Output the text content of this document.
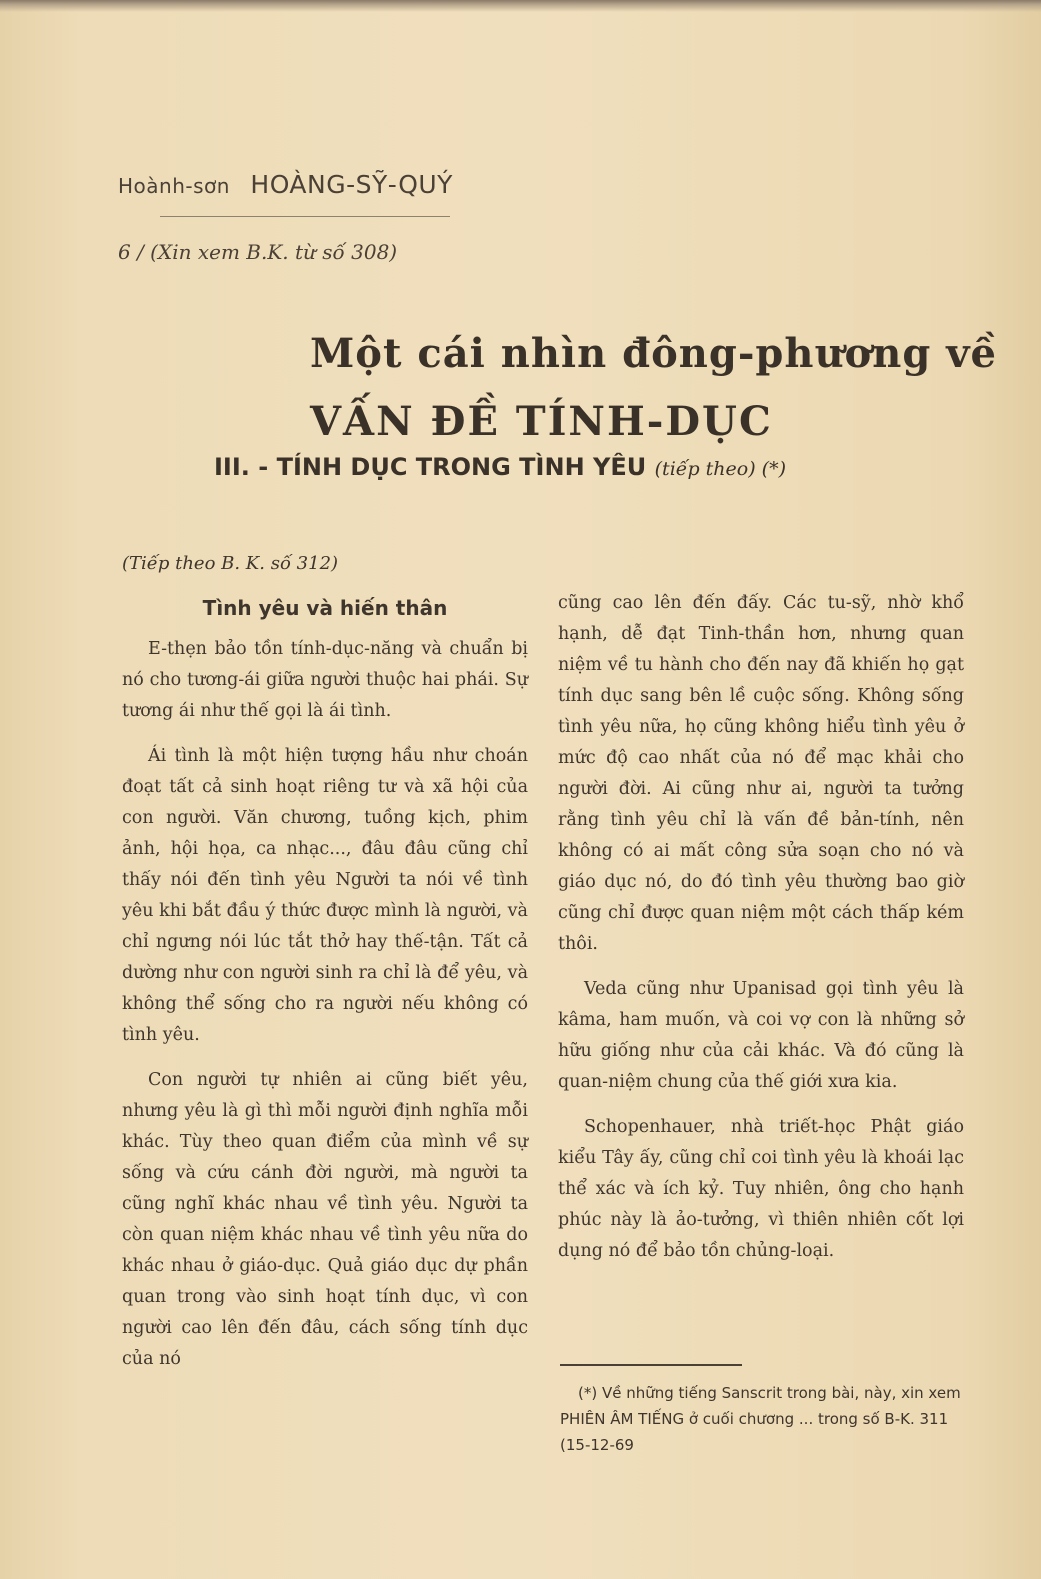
Hoành-sơn HOÀNG-SỸ-QUÝ
6 / (Xin xem B.K. từ số 308)
Một cái nhìn đông-phương về
VẤN ĐỀ TÍNH-DỤC
III. - TÍNH DỤC TRONG TÌNH YÊU (tiếp theo) (*)

(Tiếp theo B. K. số 312)

Tình yêu và hiến thân

E-thẹn bảo tồn tính-dục-năng và chuẩn bị nó cho tương-ái giữa người thuộc hai phái. Sự tương ái như thế gọi là ái tình.

Ái tình là một hiện tượng hầu như choán đoạt tất cả sinh hoạt riêng tư và xã hội của con người. Văn chương, tuồng kịch, phim ảnh, hội họa, ca nhạc..., đâu đâu cũng chỉ thấy nói đến tình yêu Người ta nói về tình yêu khi bắt đầu ý thức được mình là người, và chỉ ngưng nói lúc tắt thở hay thế-tận. Tất cả dường như con người sinh ra chỉ là để yêu, và không thể sống cho ra người nếu không có tình yêu.

Con người tự nhiên ai cũng biết yêu, nhưng yêu là gì thì mỗi người định nghĩa mỗi khác. Tùy theo quan điểm của mình về sự sống và cứu cánh đời người, mà người ta cũng nghĩ khác nhau về tình yêu. Người ta còn quan niệm khác nhau về tình yêu nữa do khác nhau ở giáo-dục. Quả giáo dục dự phần quan trong vào sinh hoạt tính dục, vì con người cao lên đến đâu, cách sống tính dục của nó

cũng cao lên đến đấy. Các tu-sỹ, nhờ khổ hạnh, dễ đạt Tinh-thần hơn, nhưng quan niệm về tu hành cho đến nay đã khiến họ gạt tính dục sang bên lề cuộc sống. Không sống tình yêu nữa, họ cũng không hiểu tình yêu ở mức độ cao nhất của nó để mạc khải cho người đời. Ai cũng như ai, người ta tưởng rằng tình yêu chỉ là vấn đề bản-tính, nên không có ai mất công sửa soạn cho nó và giáo dục nó, do đó tình yêu thường bao giờ cũng chỉ được quan niệm một cách thấp kém thôi.

Veda cũng như Upanisad gọi tình yêu là kâma, ham muốn, và coi vợ con là những sở hữu giống như của cải khác. Và đó cũng là quan-niệm chung của thế giới xưa kia.

Schopenhauer, nhà triết-học Phật giáo kiểu Tây ấy, cũng chỉ coi tình yêu là khoái lạc thể xác và ích kỷ. Tuy nhiên, ông cho hạnh phúc này là ảo-tưởng, vì thiên nhiên cốt lợi dụng nó để bảo tồn chủng-loại.

(*) Về những tiếng Sanscrit trong bài, này, xin xem PHIÊN ÂM TIẾNG ở cuối chương ... trong số B-K. 311 (15-12-69
